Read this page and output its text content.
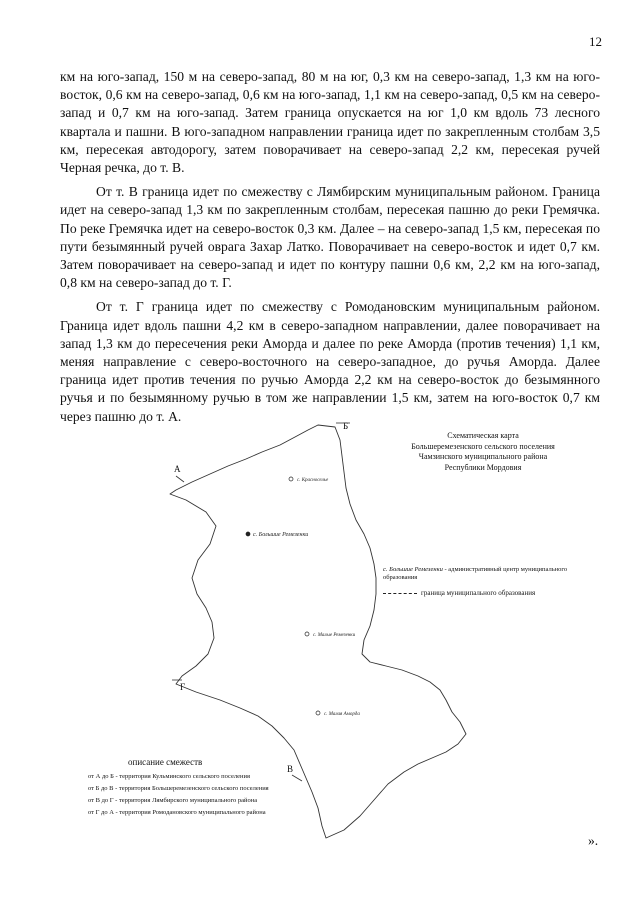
12

км на юго-запад, 150 м на северо-запад, 80 м на юг, 0,3 км на северо-запад, 1,3 км на юго-восток, 0,6 км на северо-запад, 0,6 км на юго-запад, 1,1 км на северо-запад, 0,5 км на северо-запад и 0,7 км на юго-запад. Затем граница опускается на юг 1,0 км вдоль 73 лесного квартала и пашни. В юго-западном направлении граница идет по закрепленным столбам 3,5 км, пересекая автодорогу, затем поворачивает на северо-запад 2,2 км, пересекая ручей Черная речка, до т. В.

От т. В граница идет по смежеству с Лямбирским муниципальным районом. Граница идет на северо-запад 1,3 км по закрепленным столбам, пересекая пашню до реки Гремячка. По реке Гремячка идет на северо-восток 0,3 км. Далее – на северо-запад 1,5 км, пересекая по пути безымянный ручей оврага Захар Латко. Поворачивает на северо-восток и идет 0,7 км. Затем поворачивает на северо-запад и идет по контуру пашни 0,6 км, 2,2 км на юго-запад, 0,8 км на северо-запад до т. Г.

От т. Г граница идет по смежеству с Ромодановским муниципальным районом. Граница идет вдоль пашни 4,2 км в северо-западном направлении, далее поворачивает на запад 1,3 км до пересечения реки Аморда и далее по реке Аморда (против течения) 1,1 км, меняя направление с северо-восточного на северо-западное, до ручья Аморда. Далее граница идет против течения по ручью Аморда 2,2 км на северо-восток до безымянного ручья и по безымянному ручью в том же направлении 1,5 км, затем на юго-восток 0,7 км через пашню до т. А.

А
Б
В
Г
с. Красноселье
с. Большие Ремезенки
с. Малые Ремезенки
с. Малая Аморда
Схематическая карта
Большеремезенского сельского поселения
Чамзинского муниципального района
Республики Мордовия
с. Большие Ремезенки - административный центр муниципального образования
граница муниципального образования
описание смежеств
от А до Б - территория Кульминского сельского поселения
от Б до В - территория Большеремезенского сельского поселения
от В до Г - территория Лямбирского муниципального района
от Г до А - территория Ромодановского муниципального района
».
